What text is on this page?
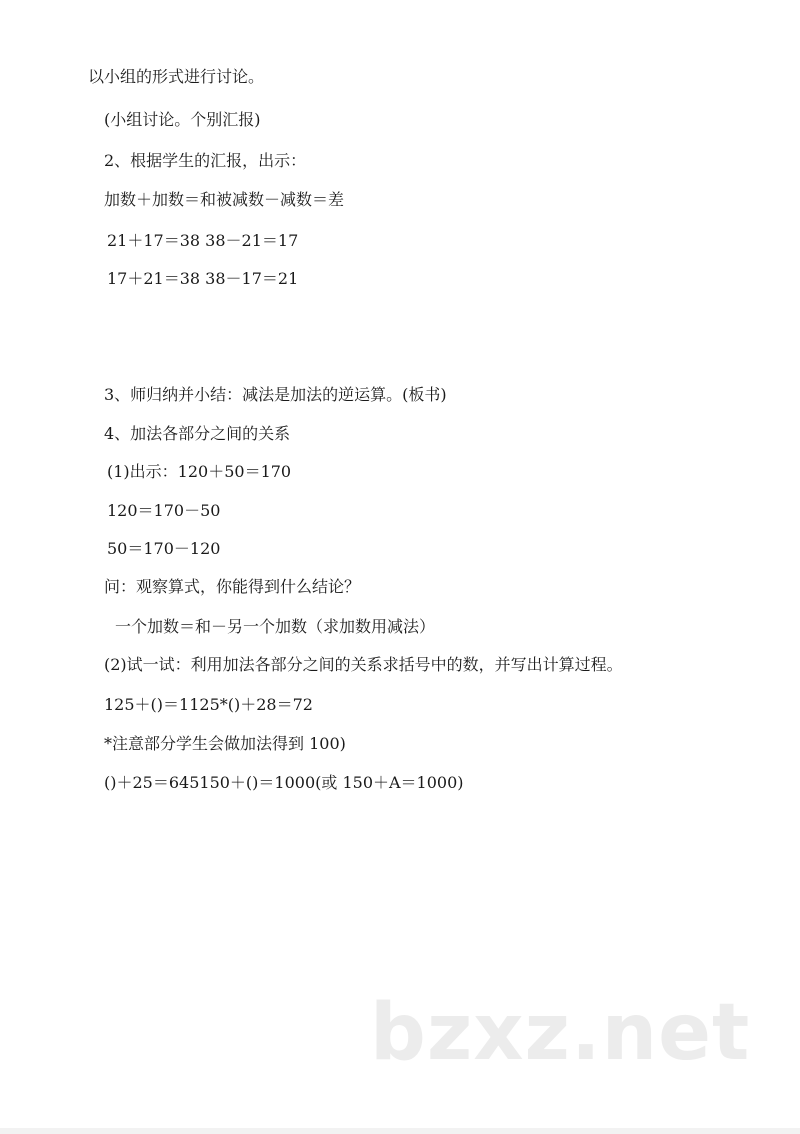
以小组的形式进行讨论。
(小组讨论。个别汇报)
2、根据学生的汇报，出示：
加数＋加数＝和被减数－减数＝差
21＋17＝38 38－21＝17
17＋21＝38 38－17＝21
3、师归纳并小结：减法是加法的逆运算。(板书)
4、加法各部分之间的关系
(1)出示：120＋50＝170
120＝170－50
50＝170－120
问：观察算式，你能得到什么结论？
一个加数＝和－另一个加数（求加数用减法）
(2)试一试：利用加法各部分之间的关系求括号中的数，并写出计算过程。
125＋()＝1125*()＋28＝72
*注意部分学生会做加法得到 100)
()＋25＝645150＋()＝1000(或 150＋A＝1000)
bzxz.net
